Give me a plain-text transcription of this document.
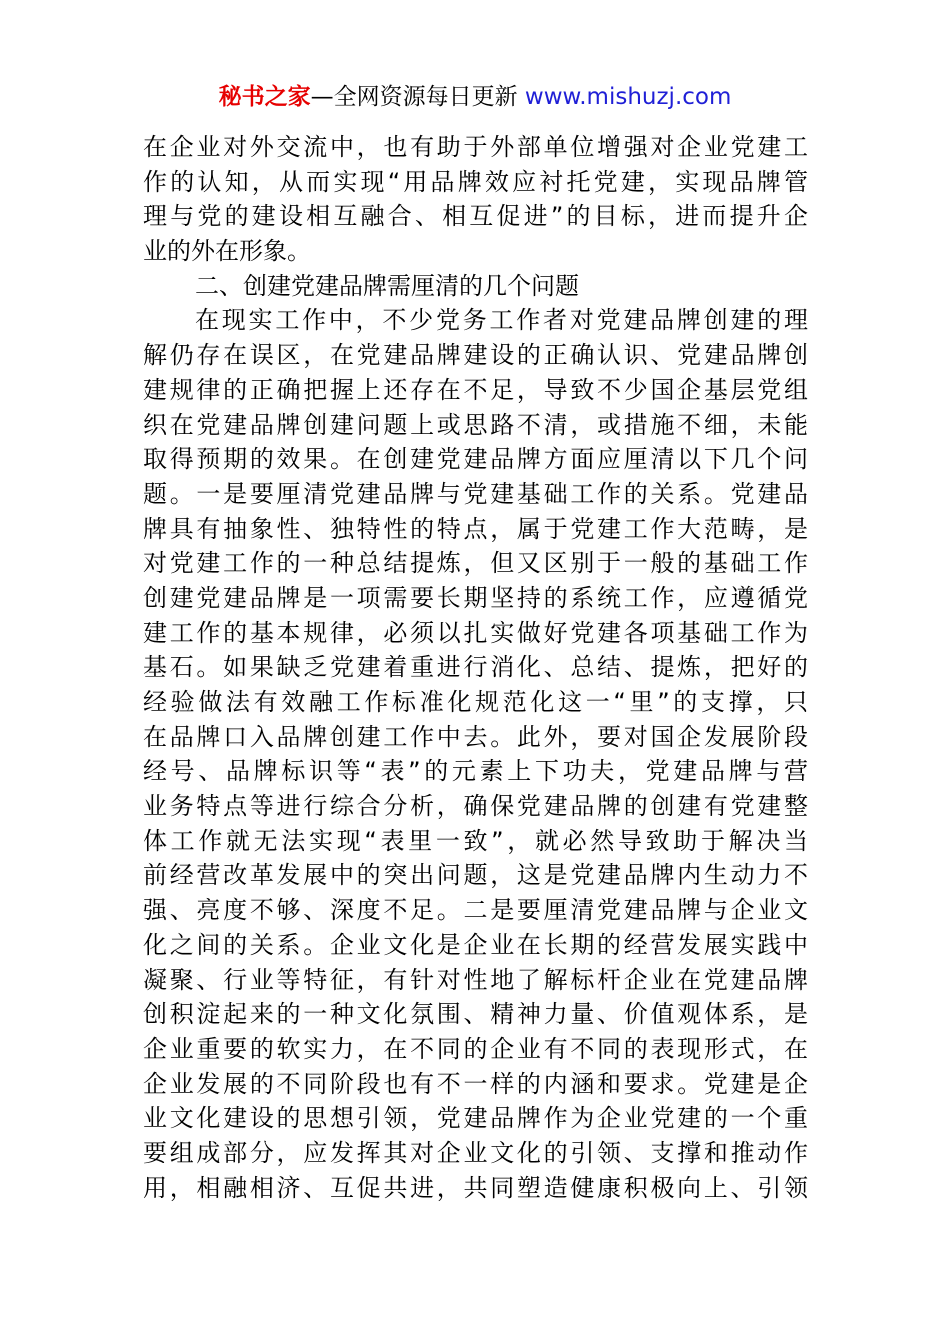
秘书之家—全网资源每日更新 www.mishuzj.com
在企业对外交流中，也有助于外部单位增强对企业党建工
作的认知，从而实现“用品牌效应衬托党建，实现品牌管
理与党的建设相互融合、相互促进”的目标，进而提升企
业的外在形象。
二、创建党建品牌需厘清的几个问题
在现实工作中，不少党务工作者对党建品牌创建的理
解仍存在误区，在党建品牌建设的正确认识、党建品牌创
建规律的正确把握上还存在不足，导致不少国企基层党组
织在党建品牌创建问题上或思路不清，或措施不细，未能
取得预期的效果。在创建党建品牌方面应厘清以下几个问
题。一是要厘清党建品牌与党建基础工作的关系。党建品
牌具有抽象性、独特性的特点，属于党建工作大范畴，是
对党建工作的一种总结提炼，但又区别于一般的基础工作
创建党建品牌是一项需要长期坚持的系统工作，应遵循党
建工作的基本规律，必须以扎实做好党建各项基础工作为
基石。如果缺乏党建着重进行消化、总结、提炼，把好的
经验做法有效融工作标准化规范化这一“里”的支撑，只
在品牌口入品牌创建工作中去。此外，要对国企发展阶段
经号、品牌标识等“表”的元素上下功夫，党建品牌与营
业务特点等进行综合分析，确保党建品牌的创建有党建整
体工作就无法实现“表里一致”，就必然导致助于解决当
前经营改革发展中的突出问题，这是党建品牌内生动力不
强、亮度不够、深度不足。二是要厘清党建品牌与企业文
化之间的关系。企业文化是企业在长期的经营发展实践中
凝聚、行业等特征，有针对性地了解标杆企业在党建品牌
创积淀起来的一种文化氛围、精神力量、价值观体系，是
企业重要的软实力，在不同的企业有不同的表现形式，在
企业发展的不同阶段也有不一样的内涵和要求。党建是企
业文化建设的思想引领，党建品牌作为企业党建的一个重
要组成部分，应发挥其对企业文化的引领、支撑和推动作
用，相融相济、互促共进，共同塑造健康积极向上、引领
